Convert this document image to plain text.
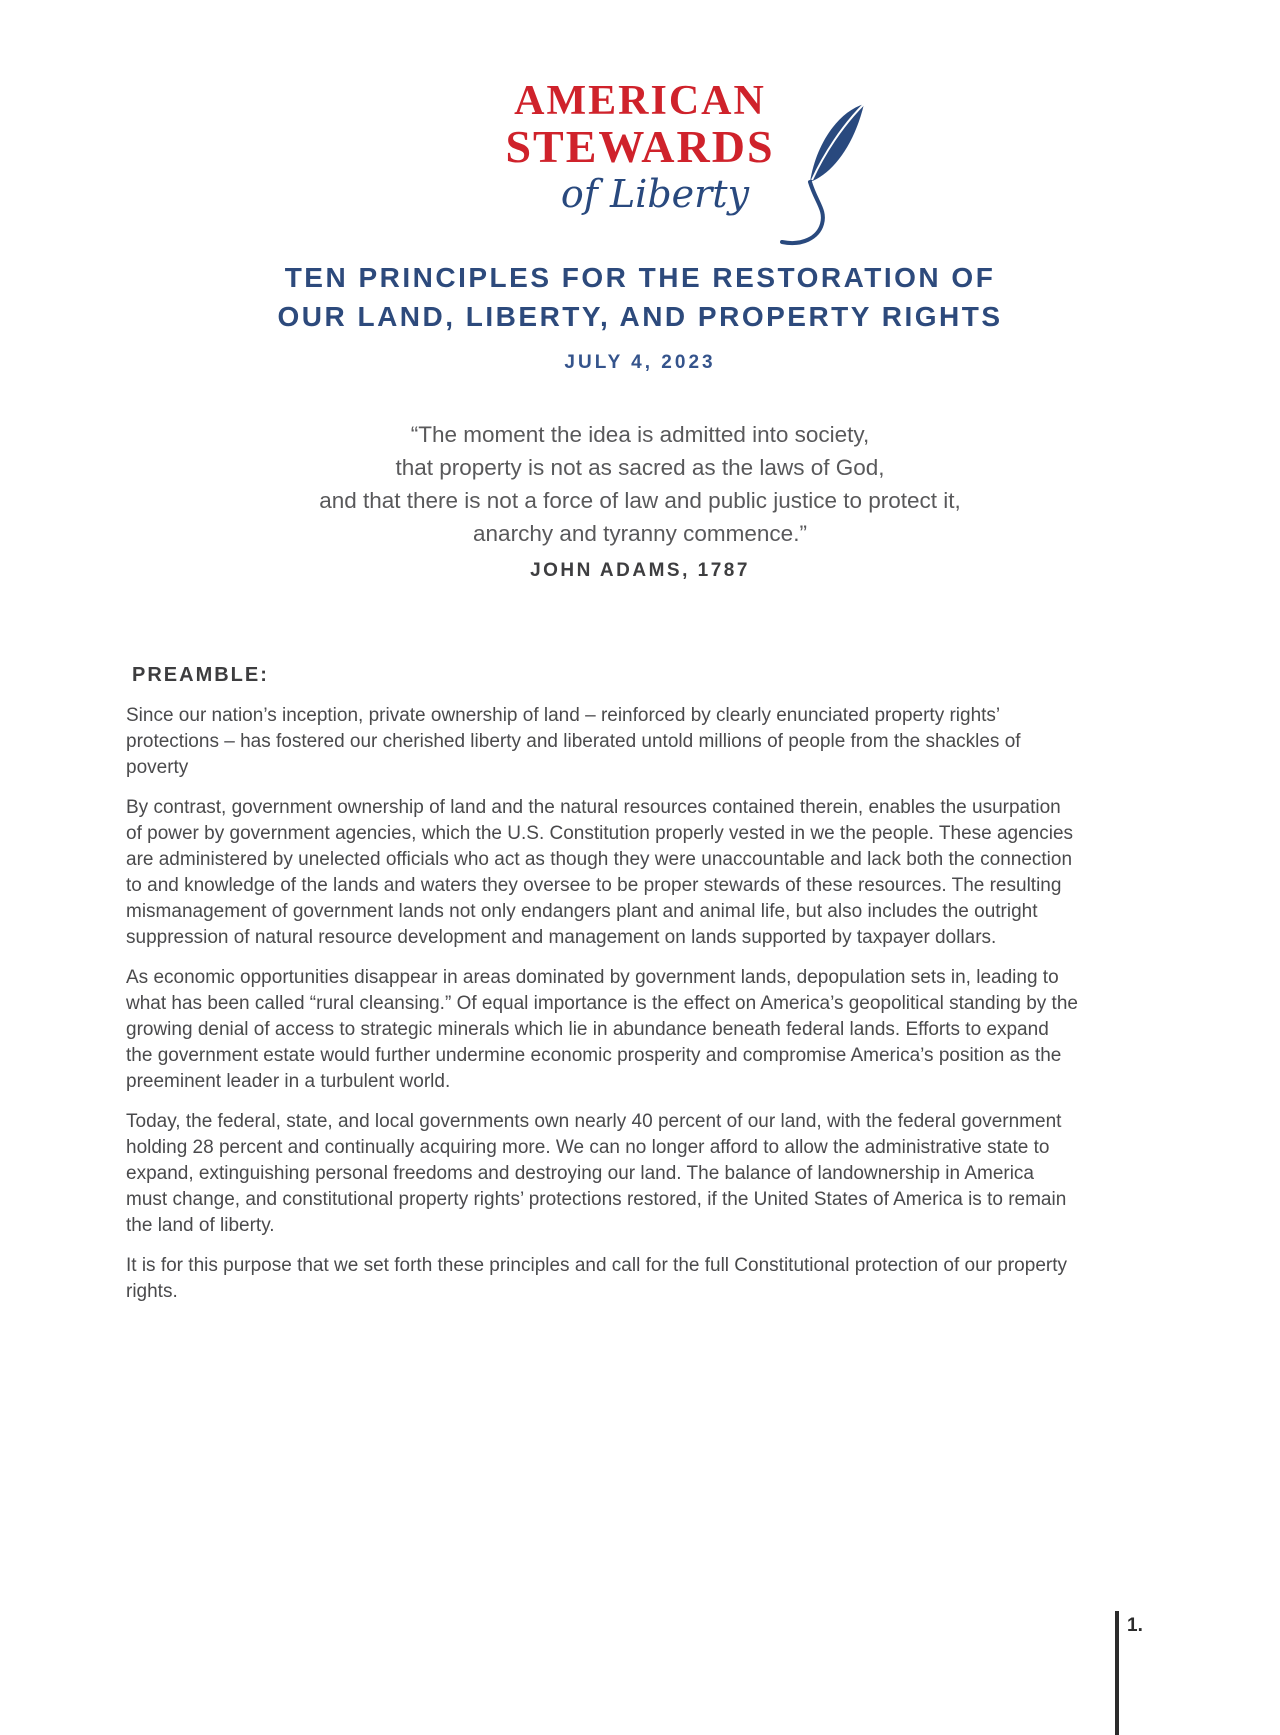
AMERICAN
STEWARDS
of Liberty
TEN PRINCIPLES FOR THE RESTORATION OF
OUR LAND, LIBERTY, AND PROPERTY RIGHTS
JULY 4, 2023
“The moment the idea is admitted into society,
that property is not as sacred as the laws of God,
and that there is not a force of law and public justice to protect it,
anarchy and tyranny commence.”
JOHN ADAMS, 1787
PREAMBLE:

Since our nation’s inception, private ownership of land – reinforced by clearly enunciated property rights’ protections – has fostered our cherished liberty and liberated untold millions of people from the shackles of poverty

By contrast, government ownership of land and the natural resources contained therein, enables the usurpation of power by government agencies, which the U.S. Constitution properly vested in we the people. These agencies are administered by unelected officials who act as though they were unaccountable and lack both the connection to and knowledge of the lands and waters they oversee to be proper stewards of these resources. The resulting mismanagement of government lands not only endangers plant and animal life, but also includes the outright suppression of natural resource development and management on lands supported by taxpayer dollars.

As economic opportunities disappear in areas dominated by government lands, depopulation sets in, leading to what has been called “rural cleansing.” Of equal importance is the effect on America’s geopolitical standing by the growing denial of access to strategic minerals which lie in abundance beneath federal lands. Efforts to expand the government estate would further undermine economic prosperity and compromise America’s position as the preeminent leader in a turbulent world.

Today, the federal, state, and local governments own nearly 40 percent of our land, with the federal government holding 28 percent and continually acquiring more. We can no longer afford to allow the administrative state to expand, extinguishing personal freedoms and destroying our land. The balance of landownership in America must change, and constitutional property rights’ protections restored, if the United States of America is to remain the land of liberty.

It is for this purpose that we set forth these principles and call for the full Constitutional protection of our property rights.

1.
